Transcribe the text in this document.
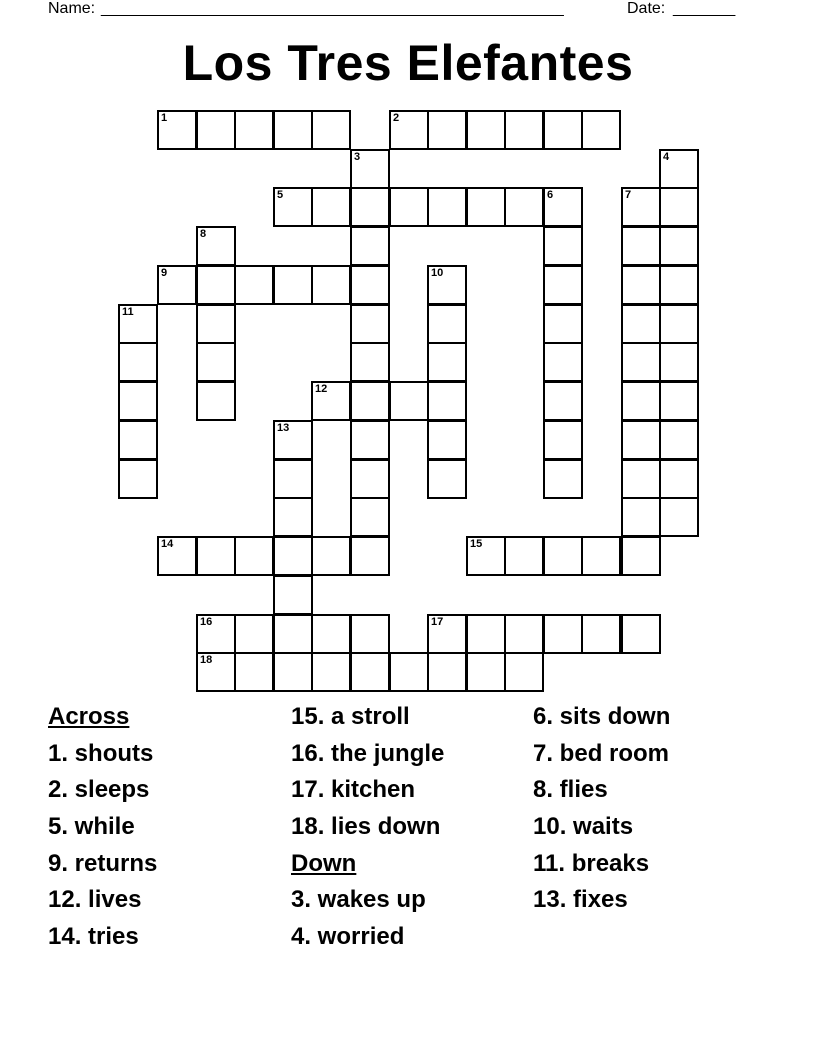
Name: ____________________________________________________	Date: _______
Los Tres Elefantes
1	2
3	4
5	6	7
8
9	10
11
12
13
14	15
16	17
18
Across
1. shouts
2. sleeps
5. while
9. returns
12. lives
14. tries
15. a stroll
16. the jungle
17. kitchen
18. lies down
Down
3. wakes up
4. worried
6. sits down
7. bed room
8. flies
10. waits
11. breaks
13. fixes
